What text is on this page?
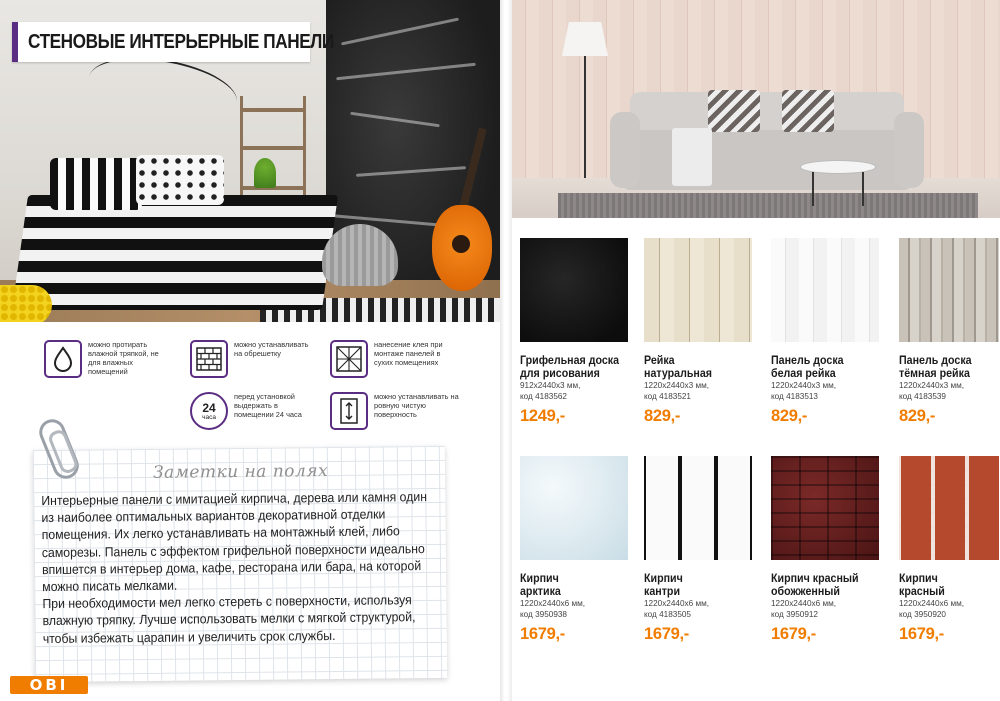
СТЕНОВЫЕ ИНТЕРЬЕРНЫЕ ПАНЕЛИ
можно протирать влажной тряпкой, не для влажных помещений
можно устанавливать на обрешетку
нанесение клея при монтаже панелей в сухих помещениях
24
часа
перед установкой выдержать в помещении 24 часа
можно устанавливать на ровную чистую поверхность
Заметки на полях

Интерьерные панели с имитацией кирпича, дерева или камня один из наиболее оптимальных вариантов декоративной отделки помещения. Их легко устанавливать на монтажный клей, либо саморезы. Панель с эффектом грифельной поверхности идеально впишется в интерьер дома, кафе, ресторана или бара, на которой можно писать мелками.

При необходимости мел легко стереть с поверхности, используя влажную тряпку. Лучше использовать мелки с мягкой структурой, чтобы избежать царапин и увеличить срок службы.

OBI
Грифельная доска
для рисования
912x2440x3 мм,
код 4183562
1249,-
Рейка
натуральная
1220x2440x3 мм,
код 4183521
829,-
Панель доска
белая рейка
1220x2440x3 мм,
код 4183513
829,-
Панель доска
тёмная рейка
1220x2440x3 мм,
код 4183539
829,-
Кирпич
арктика
1220x2440x6 мм,
код 3950938
1679,-
Кирпич
кантри
1220x2440x6 мм,
код 4183505
1679,-
Кирпич красный
обожженный
1220x2440x6 мм,
код 3950912
1679,-
Кирпич
красный
1220x2440x6 мм,
код 3950920
1679,-
